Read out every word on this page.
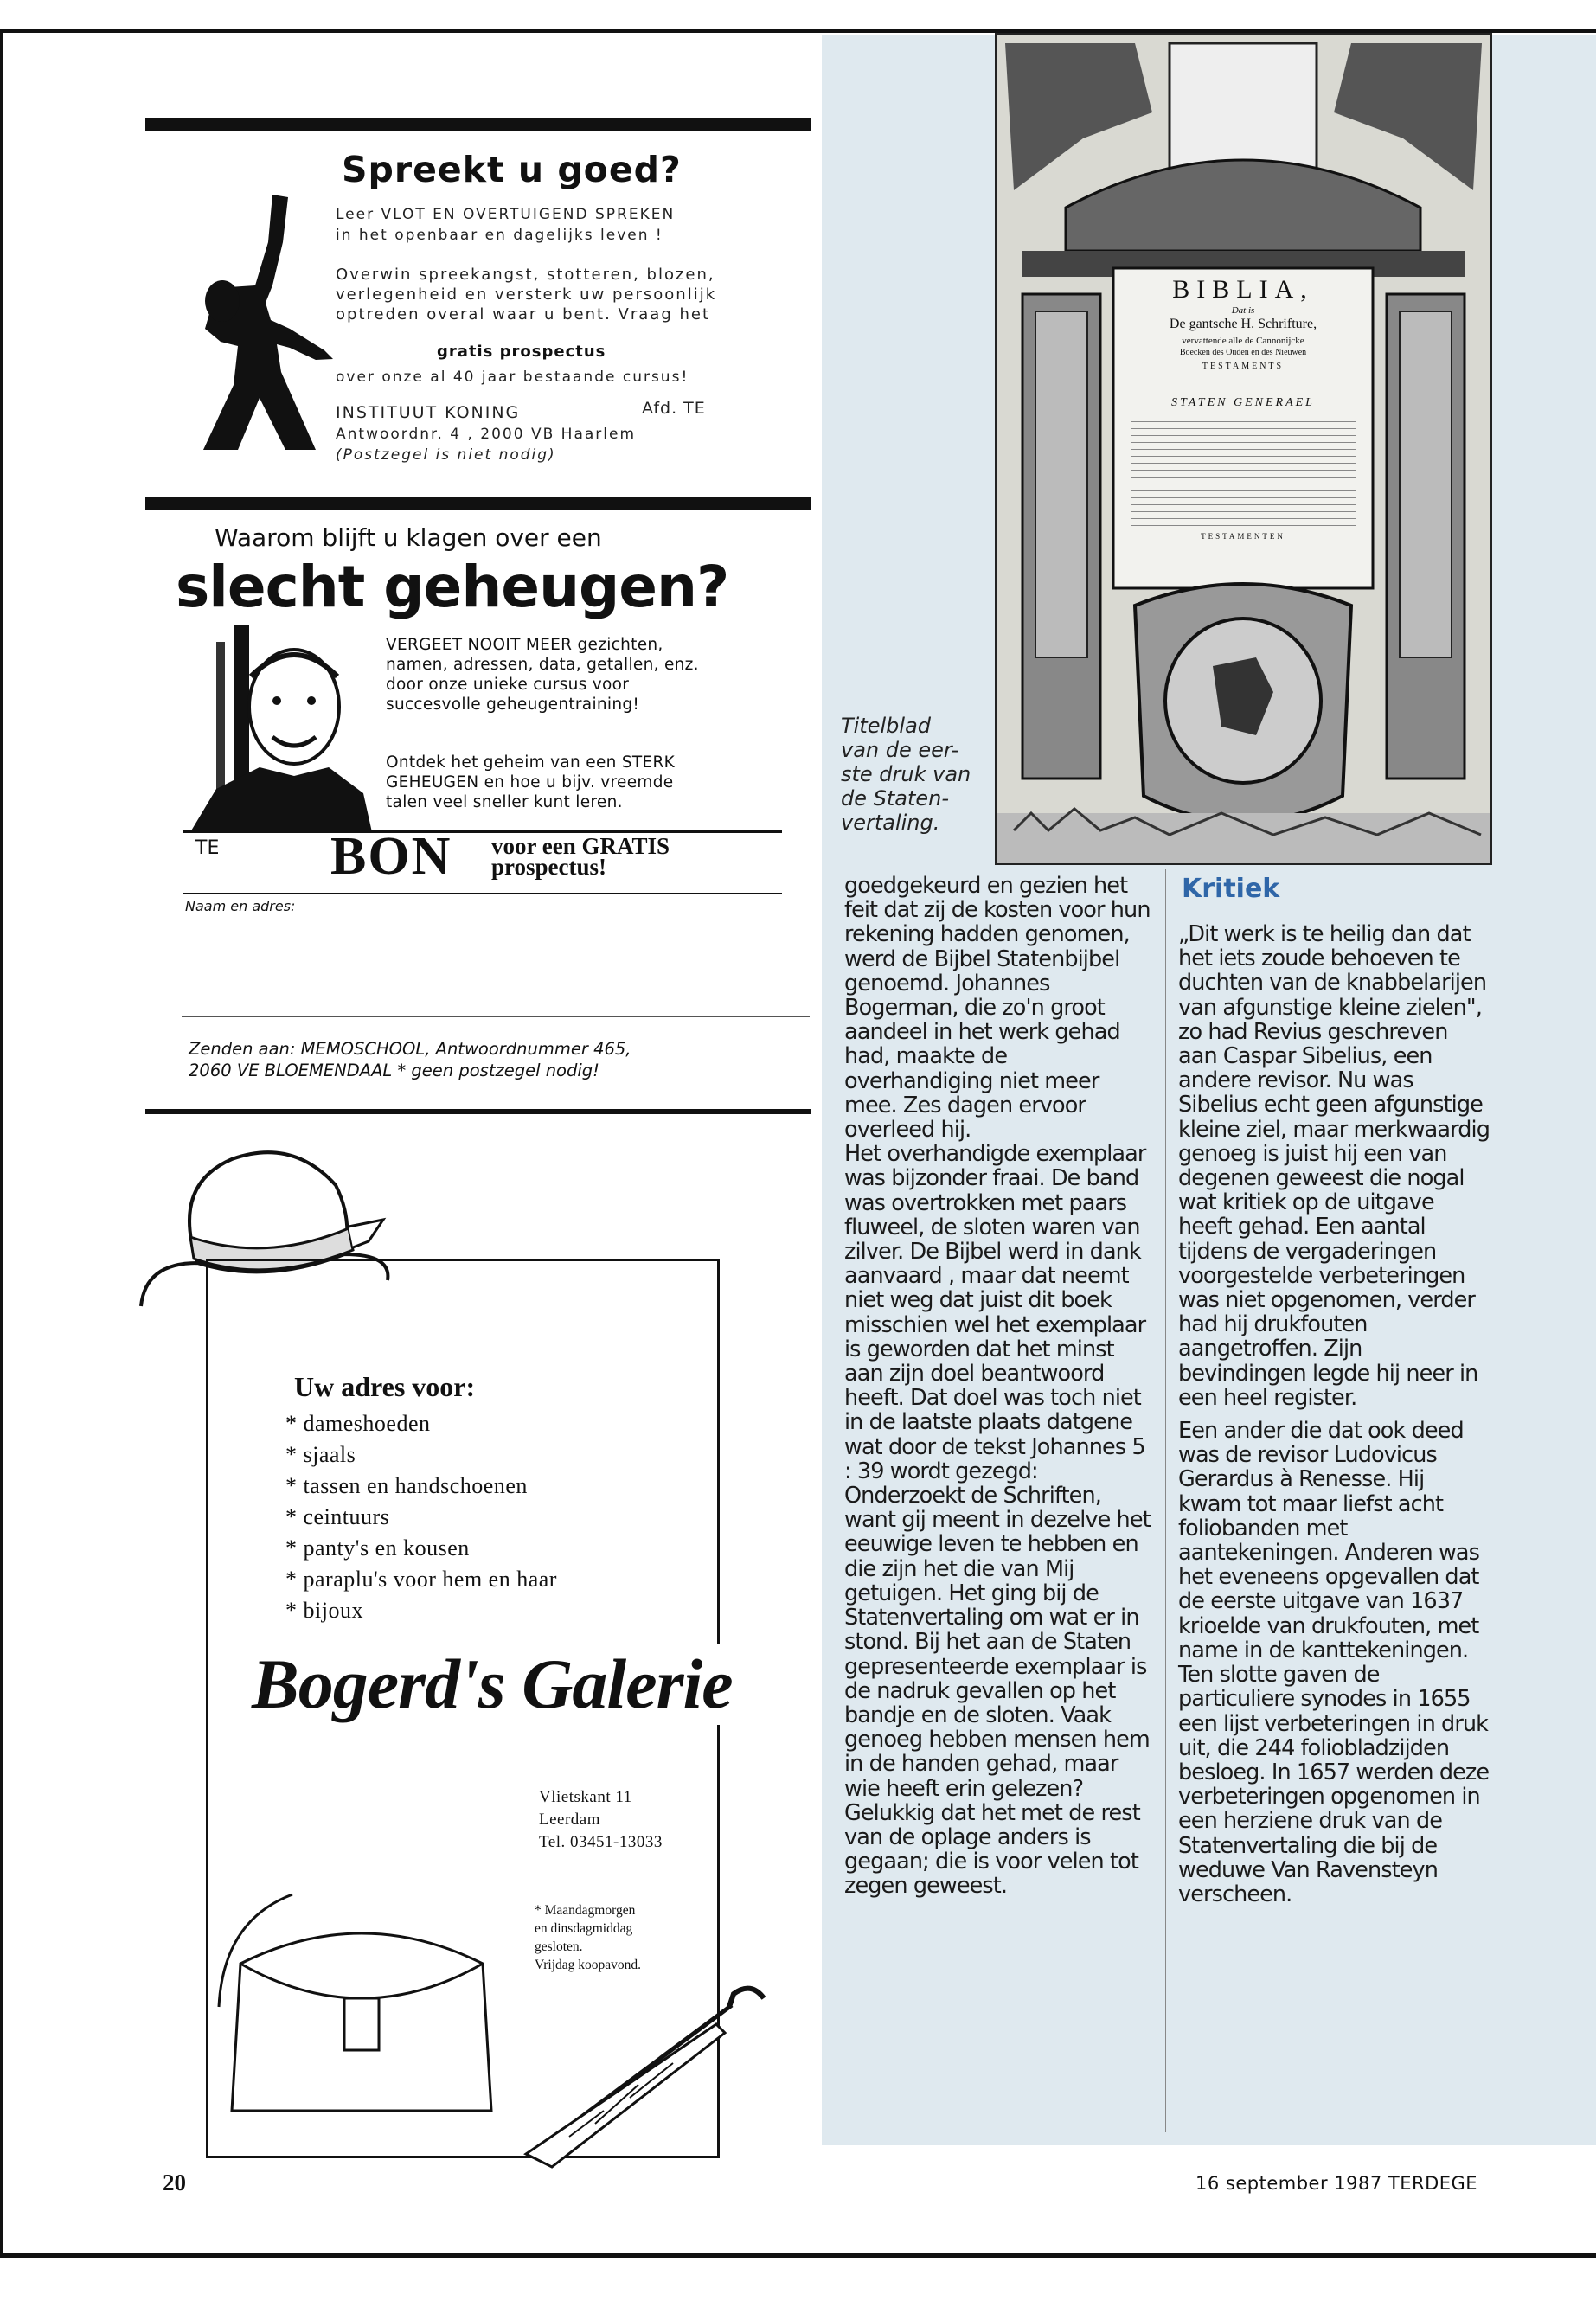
Spreekt u goed?
Leer VLOT EN OVERTUIGEND SPREKEN
in het openbaar en dagelijks leven !
Overwin spreekangst, stotteren, blozen,
verlegenheid en versterk uw persoonlijk
optreden overal waar u bent. Vraag het
gratis prospectus
over onze al 40 jaar bestaande cursus!
INSTITUUT KONING	Afd. TE
Antwoordnr. 4 , 2000 VB Haarlem
(Postzegel is niet nodig)
Waarom blijft u klagen over een
slecht geheugen?
VERGEET NOOIT MEER gezichten,
namen, adressen, data, getallen, enz.
door onze unieke cursus voor
succesvolle geheugentraining!
Ontdek het geheim van een STERK
GEHEUGEN en hoe u bijv. vreemde
talen veel sneller kunt leren.
TE BON voor een GRATIS
prospectus!
Naam en adres:
Zenden aan: MEMOSCHOOL, Antwoordnummer 465,
2060 VE BLOEMENDAAL * geen postzegel nodig!
Uw adres voor:
* dameshoeden
* sjaals
* tassen en handschoenen
* ceintuurs
* panty's en kousen
* paraplu's voor hem en haar
* bijoux
Bogerd's Galerie
Vlietskant 11
Leerdam
Tel. 03451-13033
* Maandagmorgen
en dinsdagmiddag
gesloten.
Vrijdag koopavond.
BIBLIA,
Dat is
De gantsche H. Schrifture,
vervattende alle de Cannonijcke
Boecken des Ouden en des Nieuwen
TESTAMENTS
STATEN GENERAEL
TESTAMENTEN
Titelblad
van de eer-
ste druk van
de Staten-
vertaling.

goedgekeurd en gezien het feit dat zij de kosten voor hun rekening hadden genomen, werd de Bijbel Statenbijbel genoemd. Johannes Bogerman, die zo'n groot aandeel in het werk gehad had, maakte de overhandiging niet meer mee. Zes dagen ervoor overleed hij.

Het overhandigde exemplaar was bijzonder fraai. De band was overtrokken met paars fluweel, de sloten waren van zilver. De Bijbel werd in dank aanvaard , maar dat neemt niet weg dat juist dit boek misschien wel het exemplaar is geworden dat het minst aan zijn doel beantwoord heeft. Dat doel was toch niet in de laatste plaats datgene wat door de tekst Johannes 5 : 39 wordt gezegd: Onderzoekt de Schriften, want gij meent in dezelve het eeuwige leven te hebben en die zijn het die van Mij getuigen. Het ging bij de Statenvertaling om wat er in stond. Bij het aan de Staten gepresenteerde exemplaar is de nadruk gevallen op het bandje en de sloten. Vaak genoeg hebben mensen hem in de handen gehad, maar wie heeft erin gelezen? Gelukkig dat het met de rest van de oplage anders is gegaan; die is voor velen tot zegen geweest.

Kritiek

„Dit werk is te heilig dan dat het iets zoude behoeven te duchten van de knabbelarijen van afgunstige kleine zielen", zo had Revius geschreven aan Caspar Sibelius, een andere revisor. Nu was Sibelius echt geen afgunstige kleine ziel, maar merkwaardig genoeg is juist hij een van degenen geweest die nogal wat kritiek op de uitgave heeft gehad. Een aantal tijdens de vergaderingen voorgestelde verbeteringen was niet opgenomen, verder had hij drukfouten aangetroffen. Zijn bevindingen legde hij neer in een heel register.

Een ander die dat ook deed was de revisor Ludovicus Gerardus à Renesse. Hij kwam tot maar liefst acht foliobanden met aantekeningen. Anderen was het eveneens opgevallen dat de eerste uitgave van 1637 krioelde van drukfouten, met name in de kanttekeningen. Ten slotte gaven de particuliere synodes in 1655 een lijst verbeteringen in druk uit, die 244 foliobladzijden besloeg. In 1657 werden deze verbeteringen opgenomen in een herziene druk van de Statenvertaling die bij de weduwe Van Ravensteyn verscheen.

20	16 september 1987 TERDEGE
